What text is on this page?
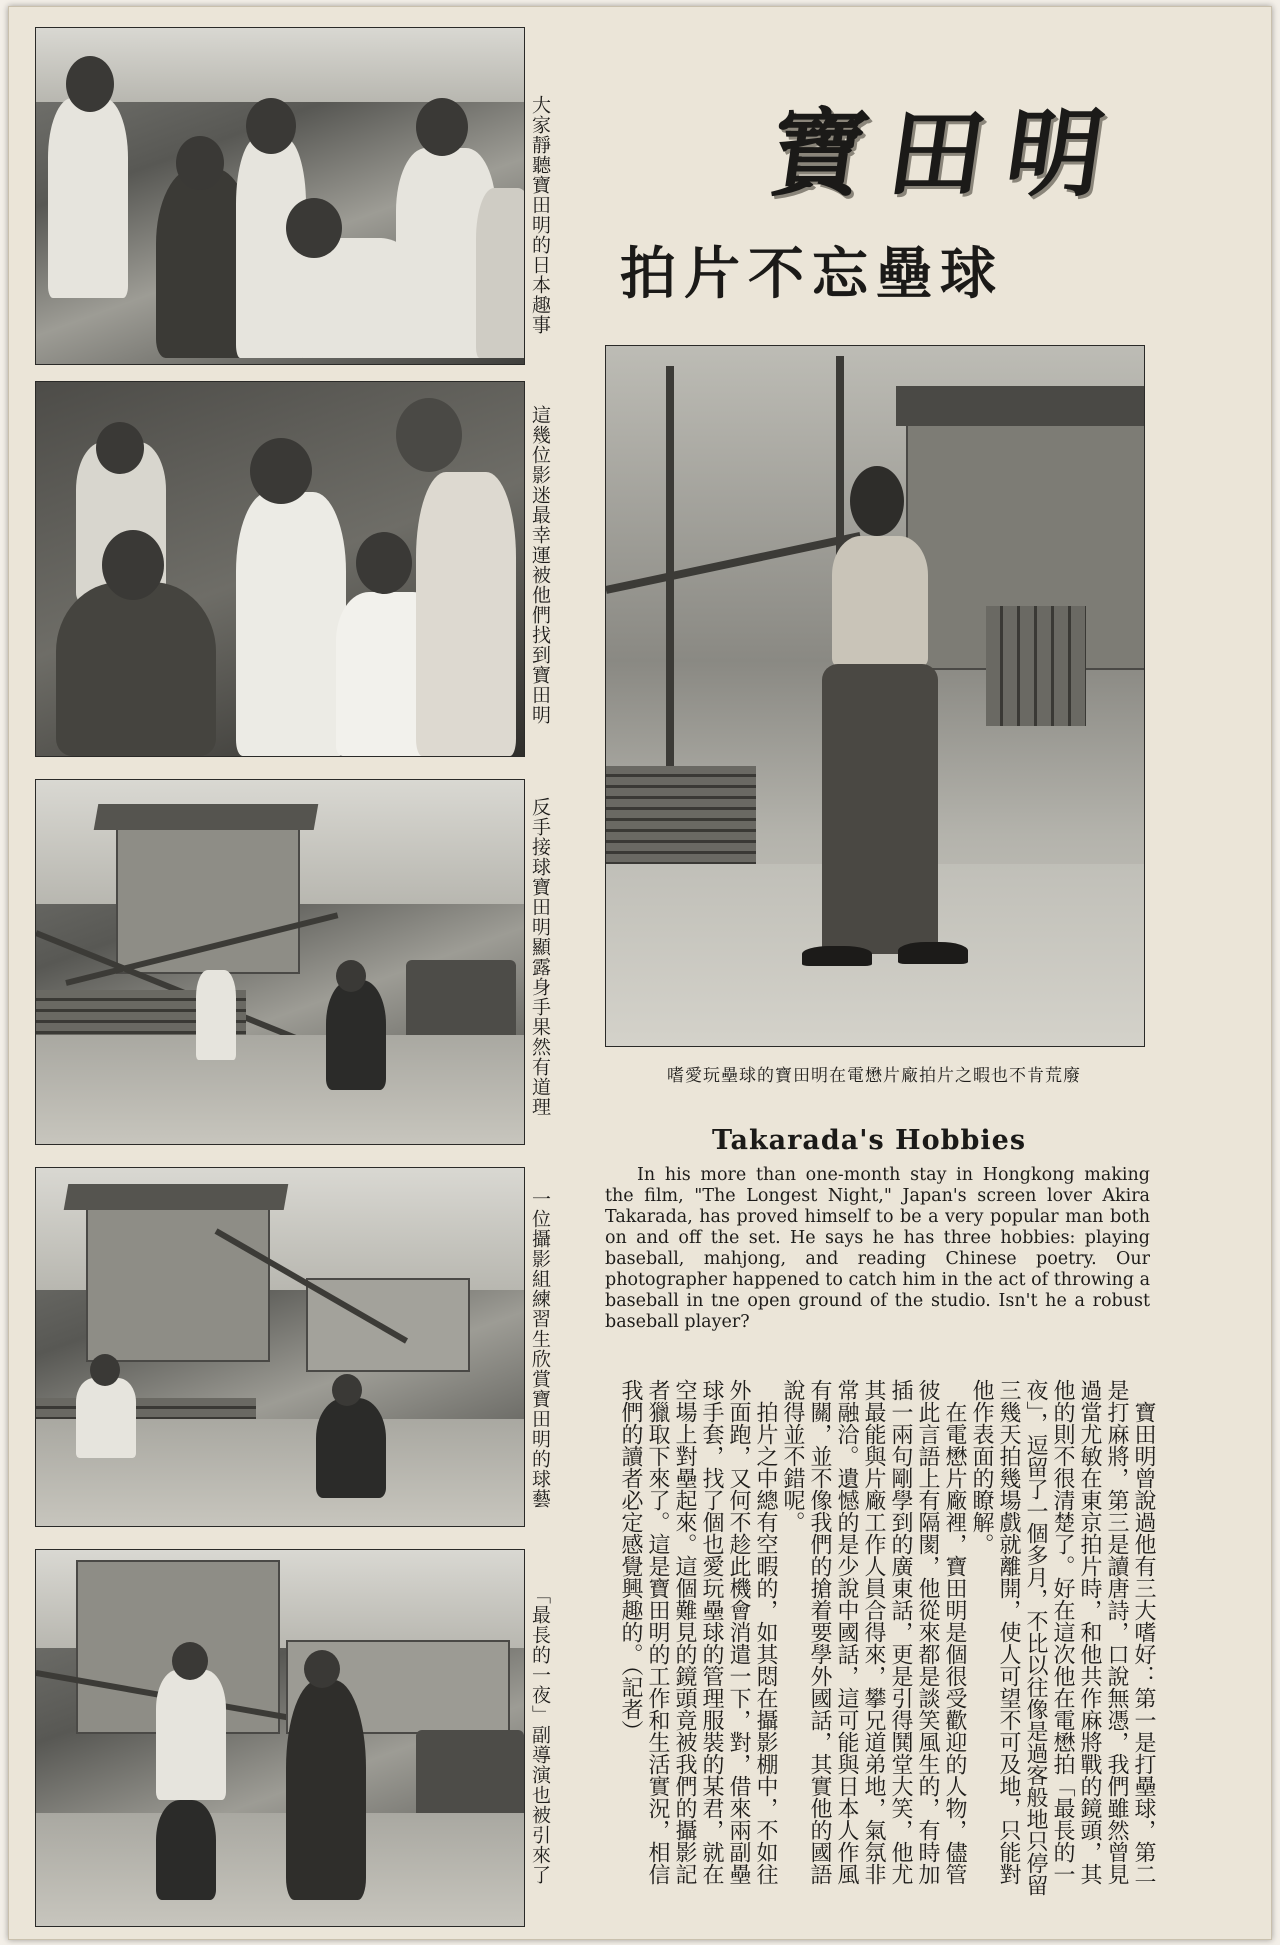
大家靜聽寶田明的日本趣事
這幾位影迷最幸運被他們找到寶田明
反手接球寶田明顯露身手果然有道理
一位攝影組練習生欣賞寶田明的球藝
「最長的一夜」副導演也被引來了
寶田明
拍片不忘壘球
嗜愛玩壘球的寶田明在電懋片廠拍片之暇也不肯荒廢
Takarada's Hobbies
In his more than one-month stay in Hongkong making the film, "The Longest Night," Japan's screen lover Akira Takarada, has proved himself to be a very popular man both on and off the set. He says he has three hobbies: playing baseball, mahjong, and reading Chinese poetry. Our photographer happened to catch him in the act of throwing a baseball in tne open ground of the studio. Isn't he a robust baseball player?

寶田明曾說過他有三大嗜好：第一是打壘球，第二是打麻將，第三是讀唐詩，口說無憑，我們雖然曾見過當尤敏在東京拍片時，和他共作麻將戰的鏡頭，其他的則不很清楚了。好在這次他在電懋拍「最長的一夜」，逗留了一個多月，不比以往像是過客般地只停留三幾天拍幾場戲就離開，使人可望不可及地，只能對他作表面的瞭解。

在電懋片廠裡，寶田明是個很受歡迎的人物，儘管彼此言語上有隔閡，他從來都是談笑風生的，有時加插一兩句剛學到的廣東話，更是引得鬨堂大笑，他尤其最能與片廠工作人員合得來，攀兄道弟地，氣氛非常融洽。遺憾的是少說中國話，這可能與日本人作風有關，並不像我們的搶着要學外國話，其實他的國語說得並不錯呢。

拍片之中總有空暇的，如其悶在攝影棚中，不如往外面跑，又何不趁此機會消遣一下，對，借來兩副壘球手套，找了個也愛玩壘球的管理服裝的某君，就在空場上對壘起來。這個難見的鏡頭竟被我們的攝影記者獵取下來了。這是寶田明的工作和生活實況，相信我們的讀者必定感覺興趣的。（記者）
